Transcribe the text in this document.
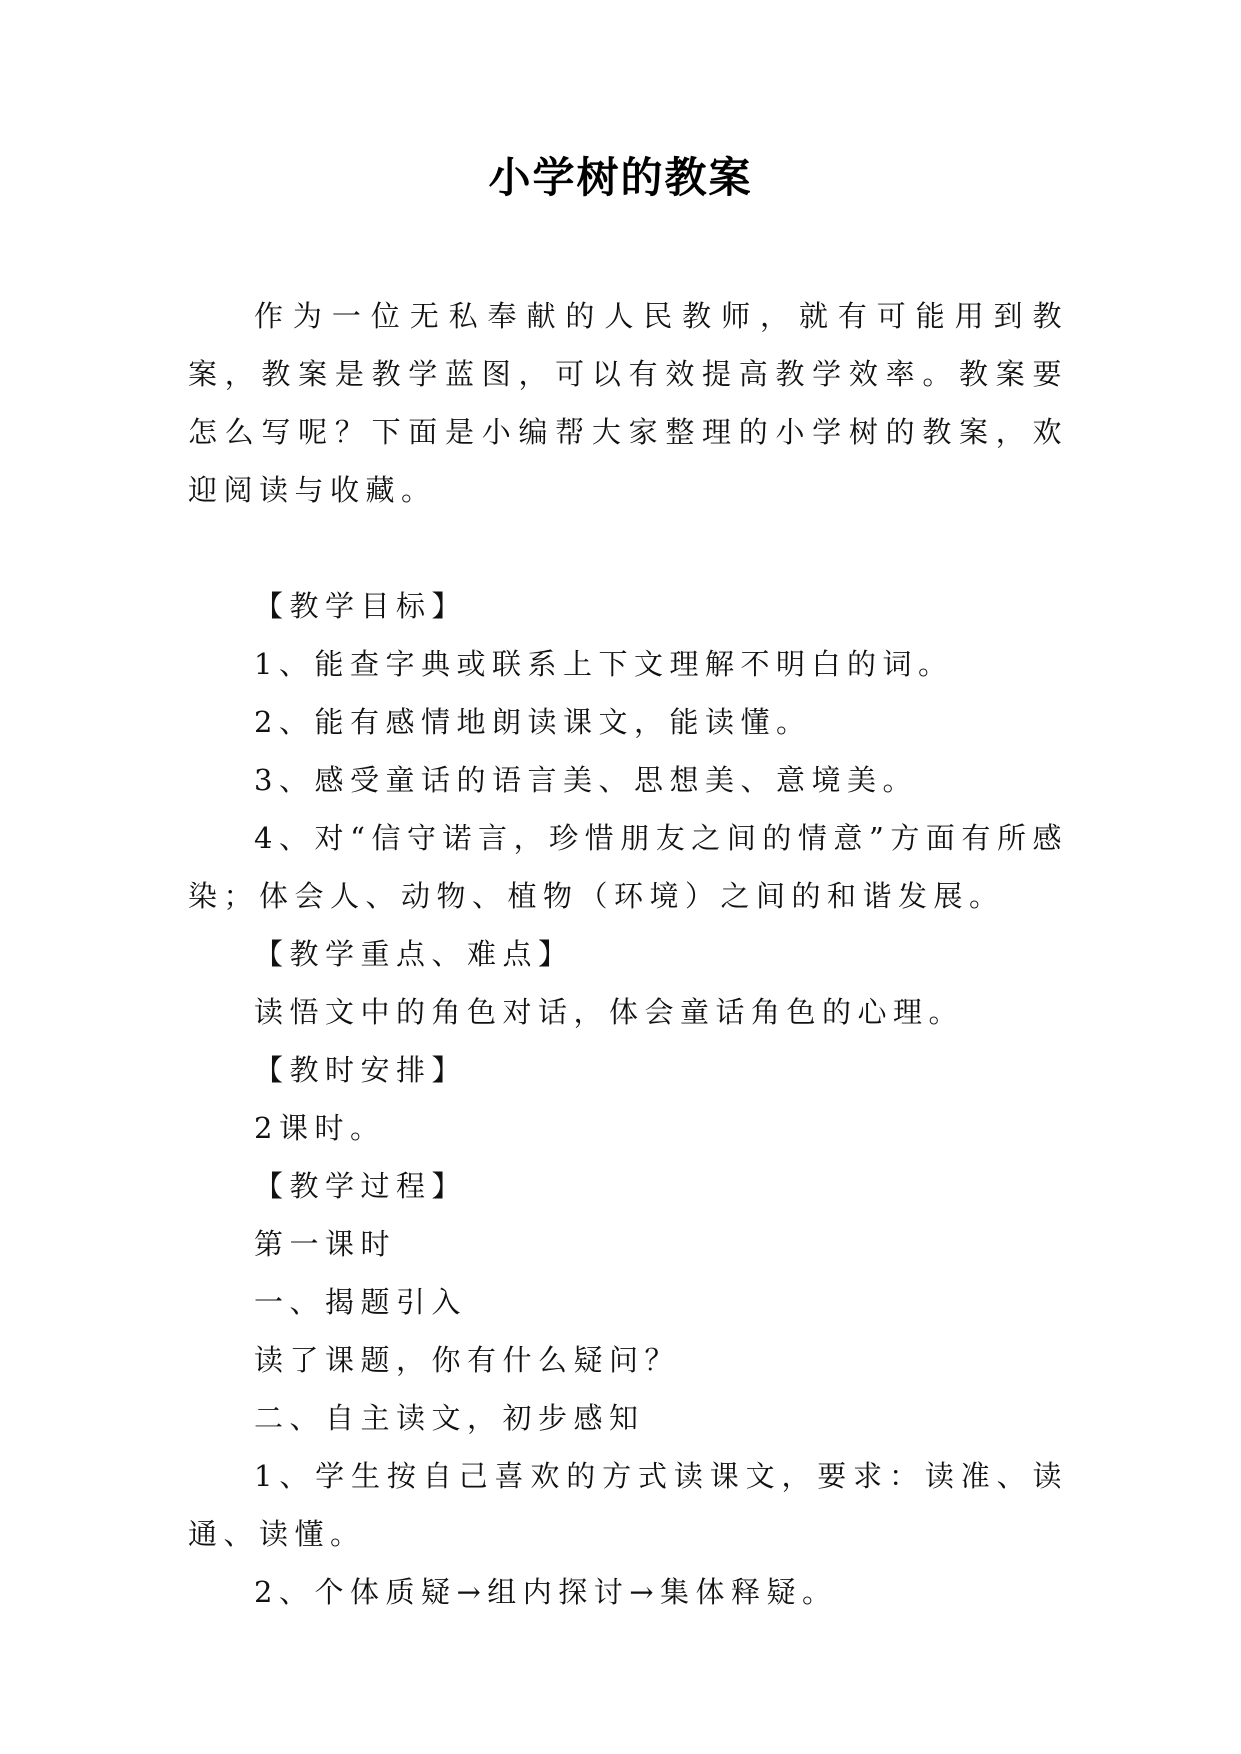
小学树的教案

作为一位无私奉献的人民教师，就有可能用到教案，教案是教学蓝图，可以有效提高教学效率。教案要怎么写呢？下面是小编帮大家整理的小学树的教案，欢迎阅读与收藏。

【教学目标】

1、能查字典或联系上下文理解不明白的词。

2、能有感情地朗读课文，能读懂。

3、感受童话的语言美、思想美、意境美。

4、对“信守诺言，珍惜朋友之间的情意”方面有所感染；体会人、动物、植物（环境）之间的和谐发展。

【教学重点、难点】

读悟文中的角色对话，体会童话角色的心理。

【教时安排】

2课时。

【教学过程】

第一课时

一、揭题引入

读了课题，你有什么疑问？

二、自主读文，初步感知

1、学生按自己喜欢的方式读课文，要求：读准、读通、读懂。

2、个体质疑→组内探讨→集体释疑。
